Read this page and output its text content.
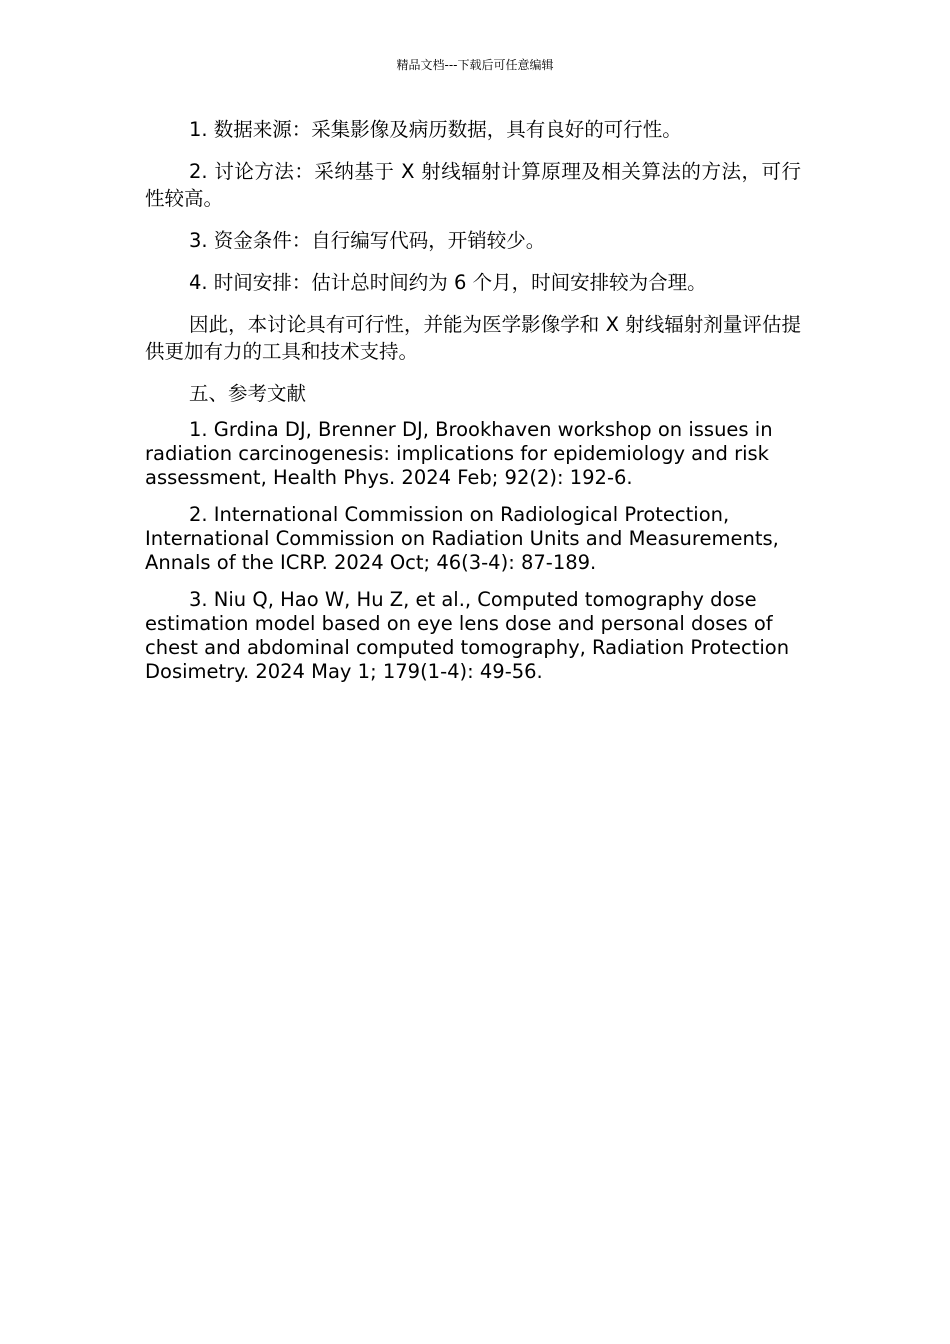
精品文档---下载后可任意编辑

1. 数据来源：采集影像及病历数据，具有良好的可行性。

2. 讨论方法：采纳基于 X 射线辐射计算原理及相关算法的方法，可行性较高。

3. 资金条件：自行编写代码，开销较少。

4. 时间安排：估计总时间约为 6 个月，时间安排较为合理。

因此，本讨论具有可行性，并能为医学影像学和 X 射线辐射剂量评估提供更加有力的工具和技术支持。

五、参考文献

1. Grdina DJ, Brenner DJ, Brookhaven workshop on issues in radiation carcinogenesis: implications for epidemiology and risk assessment, Health Phys. 2024 Feb; 92(2): 192-6.

2. International Commission on Radiological Protection, International Commission on Radiation Units and Measurements, Annals of the ICRP. 2024 Oct; 46(3-4): 87-189.

3. Niu Q, Hao W, Hu Z, et al., Computed tomography dose estimation model based on eye lens dose and personal doses of chest and abdominal computed tomography, Radiation Protection Dosimetry. 2024 May 1; 179(1-4): 49-56.
